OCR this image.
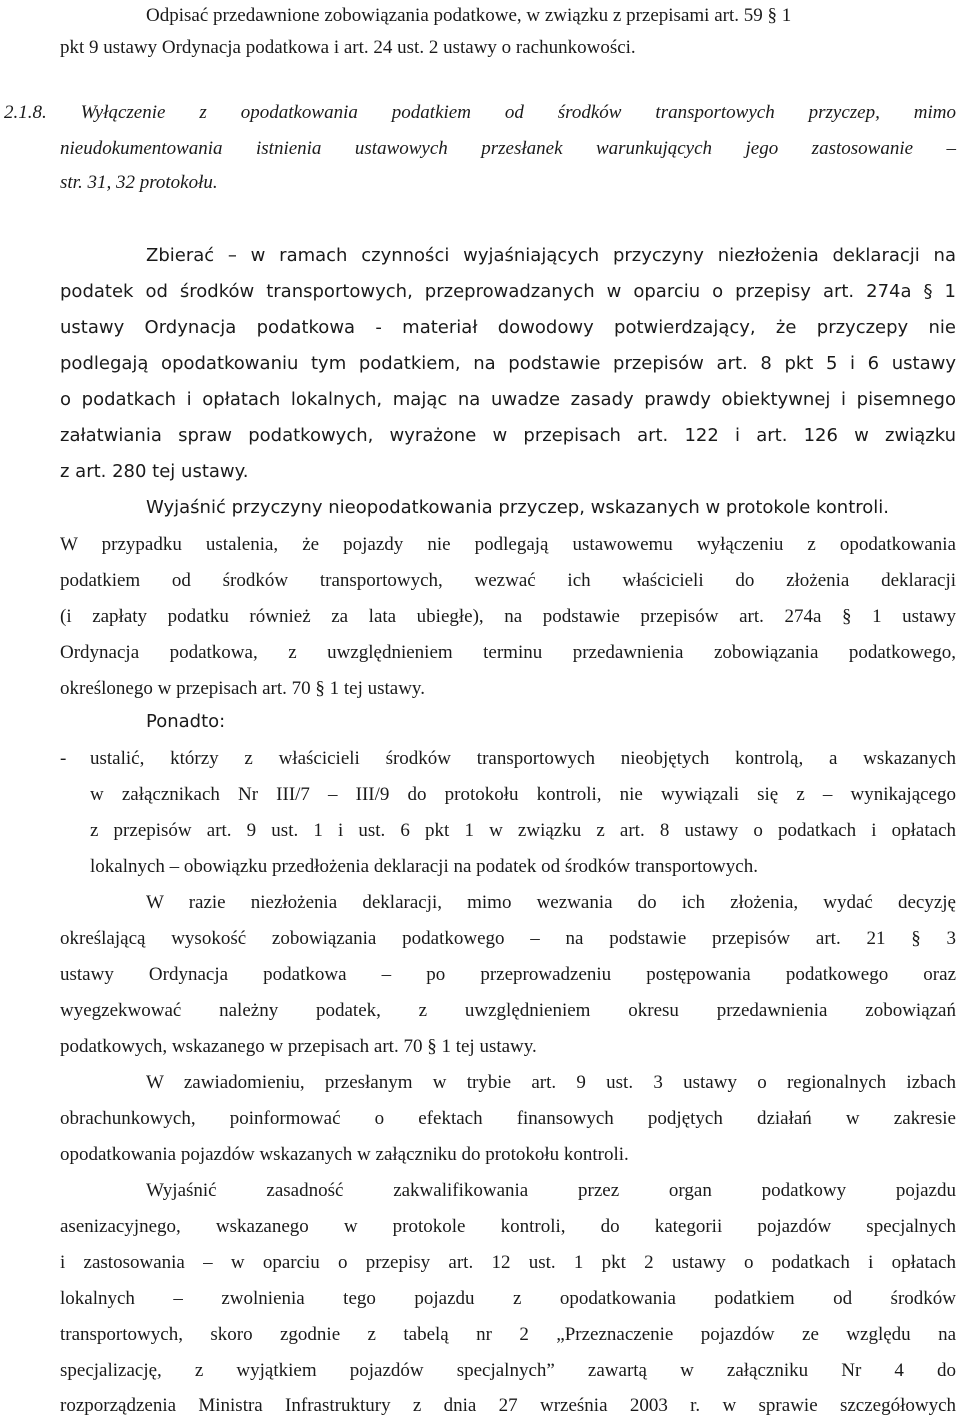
Odpisać przedawnione zobowiązania podatkowe, w związku z przepisami art. 59 § 1

pkt 9 ustawy Ordynacja podatkowa i art. 24 ust. 2 ustawy o rachunkowości.

2.1.8. Wyłączenie z opodatkowania podatkiem od środków transportowych przyczep, mimo

nieudokumentowania istnienia ustawowych przesłanek warunkujących jego zastosowanie –

str. 31, 32 protokołu.

Zbierać – w ramach czynności wyjaśniających przyczyny niezłożenia deklaracji na

podatek od środków transportowych, przeprowadzanych w oparciu o przepisy art. 274a § 1

ustawy Ordynacja podatkowa - materiał dowodowy potwierdzający, że przyczepy nie

podlegają opodatkowaniu tym podatkiem, na podstawie przepisów art. 8 pkt 5 i 6 ustawy

o podatkach i opłatach lokalnych, mając na uwadze zasady prawdy obiektywnej i pisemnego

załatwiania spraw podatkowych, wyrażone w przepisach art. 122 i art. 126 w związku

z art. 280 tej ustawy.

Wyjaśnić przyczyny nieopodatkowania przyczep, wskazanych w protokole kontroli.

W przypadku ustalenia, że pojazdy nie podlegają ustawowemu wyłączeniu z opodatkowania

podatkiem od środków transportowych, wezwać ich właścicieli do złożenia deklaracji

(i zapłaty podatku również za lata ubiegłe), na podstawie przepisów art. 274a § 1 ustawy

Ordynacja podatkowa, z uwzględnieniem terminu przedawnienia zobowiązania podatkowego,

określonego w przepisach art. 70 § 1 tej ustawy.

Ponadto:

- ustalić, którzy z właścicieli środków transportowych nieobjętych kontrolą, a wskazanych

w załącznikach Nr III/7 – III/9 do protokołu kontroli, nie wywiązali się z – wynikającego

z przepisów art. 9 ust. 1 i ust. 6 pkt 1 w związku z art. 8 ustawy o podatkach i opłatach

lokalnych – obowiązku przedłożenia deklaracji na podatek od środków transportowych.

W razie niezłożenia deklaracji, mimo wezwania do ich złożenia, wydać decyzję

określającą wysokość zobowiązania podatkowego – na podstawie przepisów art. 21 § 3

ustawy Ordynacja podatkowa – po przeprowadzeniu postępowania podatkowego oraz

wyegzekwować należny podatek, z uwzględnieniem okresu przedawnienia zobowiązań

podatkowych, wskazanego w przepisach art. 70 § 1 tej ustawy.

W zawiadomieniu, przesłanym w trybie art. 9 ust. 3 ustawy o regionalnych izbach

obrachunkowych, poinformować o efektach finansowych podjętych działań w zakresie

opodatkowania pojazdów wskazanych w załączniku do protokołu kontroli.

Wyjaśnić zasadność zakwalifikowania przez organ podatkowy pojazdu

asenizacyjnego, wskazanego w protokole kontroli, do kategorii pojazdów specjalnych

i zastosowania – w oparciu o przepisy art. 12 ust. 1 pkt 2 ustawy o podatkach i opłatach

lokalnych – zwolnienia tego pojazdu z opodatkowania podatkiem od środków

transportowych, skoro zgodnie z tabelą nr 2 „Przeznaczenie pojazdów ze względu na

specjalizację, z wyjątkiem pojazdów specjalnych” zawartą w załączniku Nr 4 do

rozporządzenia Ministra Infrastruktury z dnia 27 września 2003 r. w sprawie szczegółowych
